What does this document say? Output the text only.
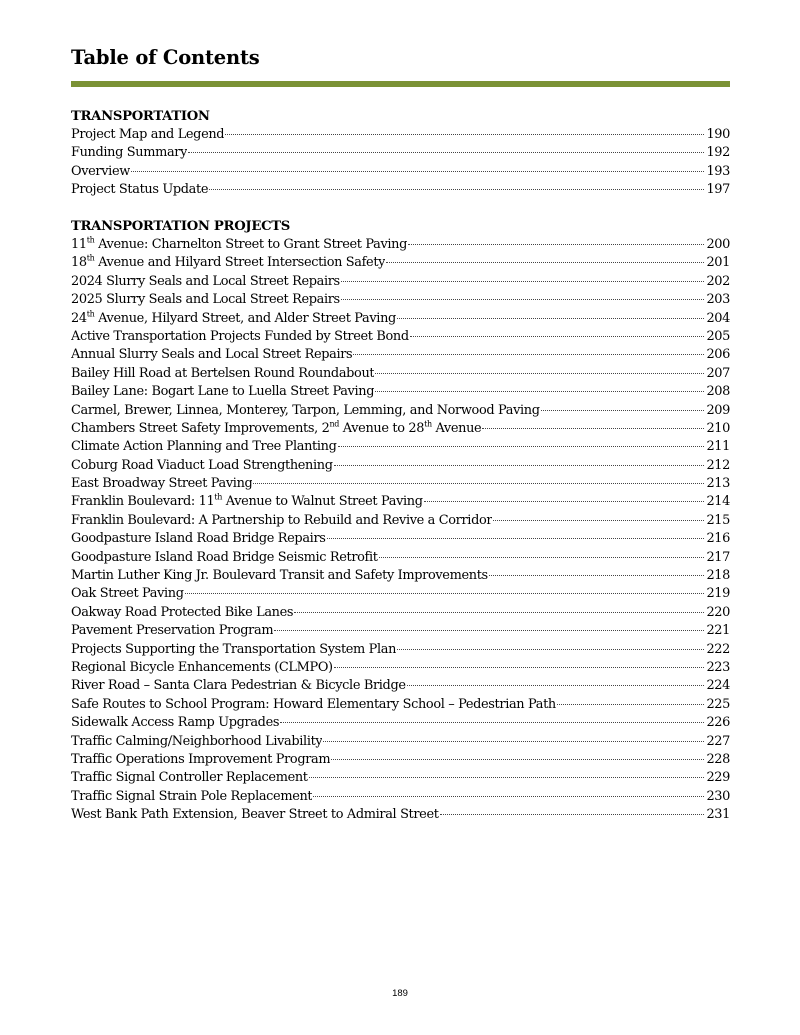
Table of Contents
TRANSPORTATION
Project Map and Legend	190
Funding Summary	192
Overview	193
Project Status Update	197
TRANSPORTATION PROJECTS
11th Avenue: Charnelton Street to Grant Street Paving	200
18th Avenue and Hilyard Street Intersection Safety	201
2024 Slurry Seals and Local Street Repairs	202
2025 Slurry Seals and Local Street Repairs	203
24th Avenue, Hilyard Street, and Alder Street Paving	204
Active Transportation Projects Funded by Street Bond	205
Annual Slurry Seals and Local Street Repairs	206
Bailey Hill Road at Bertelsen Round Roundabout	207
Bailey Lane: Bogart Lane to Luella Street Paving	208
Carmel, Brewer, Linnea, Monterey, Tarpon, Lemming, and Norwood Paving	209
Chambers Street Safety Improvements, 2nd Avenue to 28th Avenue	210
Climate Action Planning and Tree Planting	211
Coburg Road Viaduct Load Strengthening	212
East Broadway Street Paving	213
Franklin Boulevard: 11th Avenue to Walnut Street Paving	214
Franklin Boulevard: A Partnership to Rebuild and Revive a Corridor	215
Goodpasture Island Road Bridge Repairs	216
Goodpasture Island Road Bridge Seismic Retrofit	217
Martin Luther King Jr. Boulevard Transit and Safety Improvements	218
Oak Street Paving	219
Oakway Road Protected Bike Lanes	220
Pavement Preservation Program	221
Projects Supporting the Transportation System Plan	222
Regional Bicycle Enhancements (CLMPO)	223
River Road – Santa Clara Pedestrian & Bicycle Bridge	224
Safe Routes to School Program: Howard Elementary School – Pedestrian Path	225
Sidewalk Access Ramp Upgrades	226
Traffic Calming/Neighborhood Livability	227
Traffic Operations Improvement Program	228
Traffic Signal Controller Replacement	229
Traffic Signal Strain Pole Replacement	230
West Bank Path Extension, Beaver Street to Admiral Street	231
189
